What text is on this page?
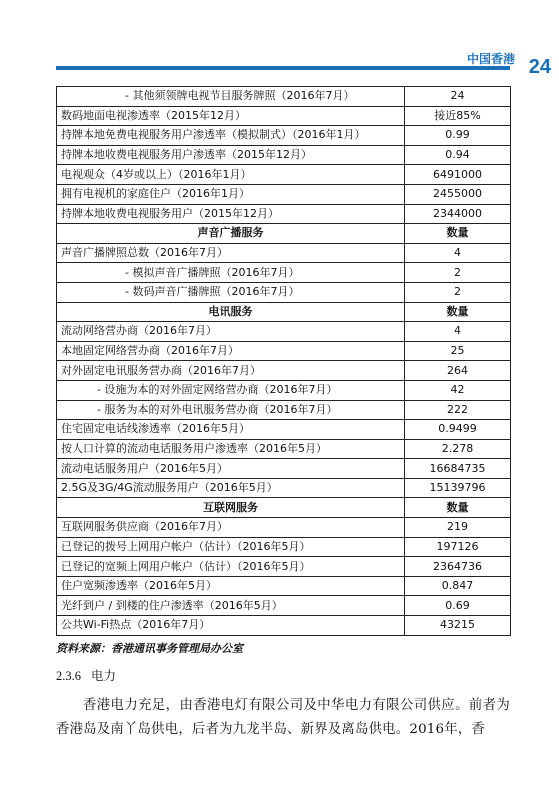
中国香港 24
- 其他须领牌电视节目服务牌照（2016年7月）	24
数码地面电视渗透率（2015年12月）	接近85%
持牌本地免费电视服务用户渗透率（模拟制式）（2016年1月）	0.99
持牌本地收费电视服务用户渗透率（2015年12月）	0.94
电视观众（4岁或以上）（2016年1月）	6491000
拥有电视机的家庭住户（2016年1月）	2455000
持牌本地收费电视服务用户（2015年12月）	2344000
声音广播服务	数量
声音广播牌照总数（2016年7月）	4
- 模拟声音广播牌照（2016年7月）	2
- 数码声音广播牌照（2016年7月）	2
电讯服务	数量
流动网络营办商（2016年7月）	4
本地固定网络营办商（2016年7月）	25
对外固定电讯服务营办商（2016年7月）	264
- 设施为本的对外固定网络营办商（2016年7月）	42
- 服务为本的对外电讯服务营办商（2016年7月）	222
住宅固定电话线渗透率（2016年5月）	0.9499
按人口计算的流动电话服务用户渗透率（2016年5月）	2.278
流动电话服务用户（2016年5月）	16684735
2.5G及3G/4G流动服务用户（2016年5月）	15139796
互联网服务	数量
互联网服务供应商（2016年7月）	219
已登记的拨号上网用户帐户（估计）（2016年5月）	197126
已登记的宽频上网用户帐户（估计）（2016年5月）	2364736
住户宽频渗透率（2016年5月）	0.847
光纤到户 / 到楼的住户渗透率（2016年5月）	0.69
公共Wi-Fi热点（2016年7月）	43215
资料来源：香港通讯事务管理局办公室
2.3.6 电力
香港电力充足，由香港电灯有限公司及中华电力有限公司供应。前者为香港岛及南丫岛供电，后者为九龙半岛、新界及离岛供电。2016年，香
